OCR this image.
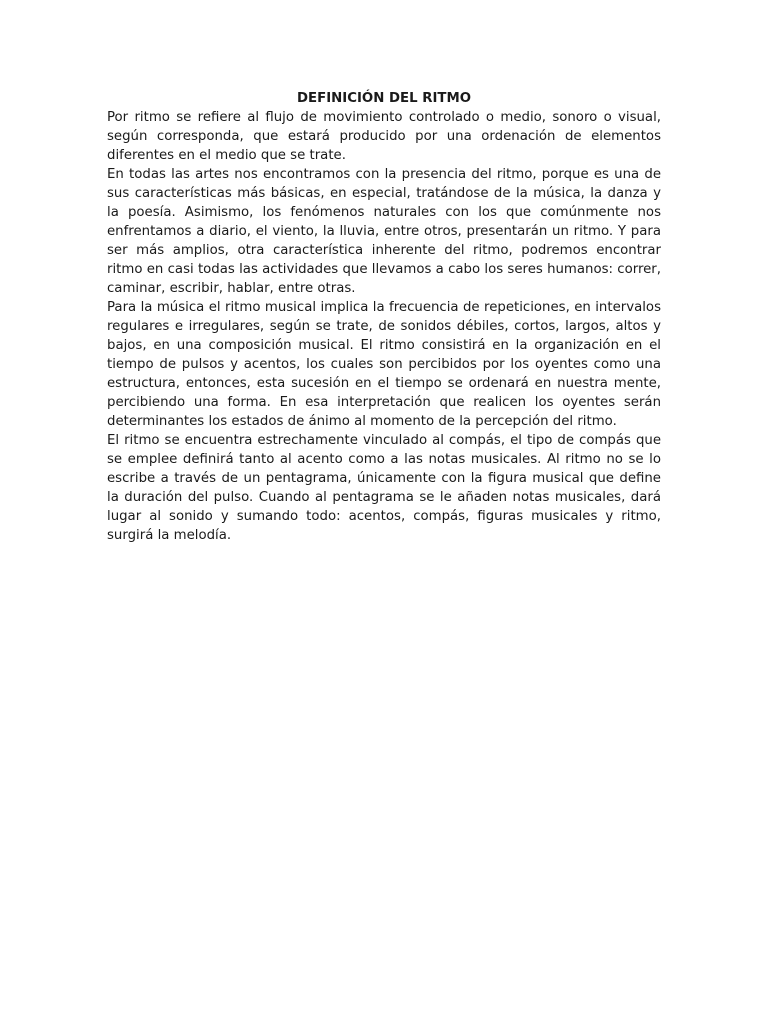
DEFINICIÓN DEL RITMO

Por ritmo se refiere al flujo de movimiento controlado o medio, sonoro o visual, según corresponda, que estará producido por una ordenación de elementos diferentes en el medio que se trate.

En todas las artes nos encontramos con la presencia del ritmo, porque es una de sus características más básicas, en especial, tratándose de la música, la danza y la poesía. Asimismo, los fenómenos naturales con los que comúnmente nos enfrentamos a diario, el viento, la lluvia, entre otros, presentarán un ritmo. Y para ser más amplios, otra característica inherente del ritmo, podremos encontrar ritmo en casi todas las actividades que llevamos a cabo los seres humanos: correr, caminar, escribir, hablar, entre otras.

Para la música el ritmo musical implica la frecuencia de repeticiones, en intervalos regulares e irregulares, según se trate, de sonidos débiles, cortos, largos, altos y bajos, en una composición musical. El ritmo consistirá en la organización en el tiempo de pulsos y acentos, los cuales son percibidos por los oyentes como una estructura, entonces, esta sucesión en el tiempo se ordenará en nuestra mente, percibiendo una forma. En esa interpretación que realicen los oyentes serán determinantes los estados de ánimo al momento de la percepción del ritmo.

El ritmo se encuentra estrechamente vinculado al compás, el tipo de compás que se emplee definirá tanto al acento como a las notas musicales. Al ritmo no se lo escribe a través de un pentagrama, únicamente con la figura musical que define la duración del pulso. Cuando al pentagrama se le añaden notas musicales, dará lugar al sonido y sumando todo: acentos, compás, figuras musicales y ritmo, surgirá la melodía.
